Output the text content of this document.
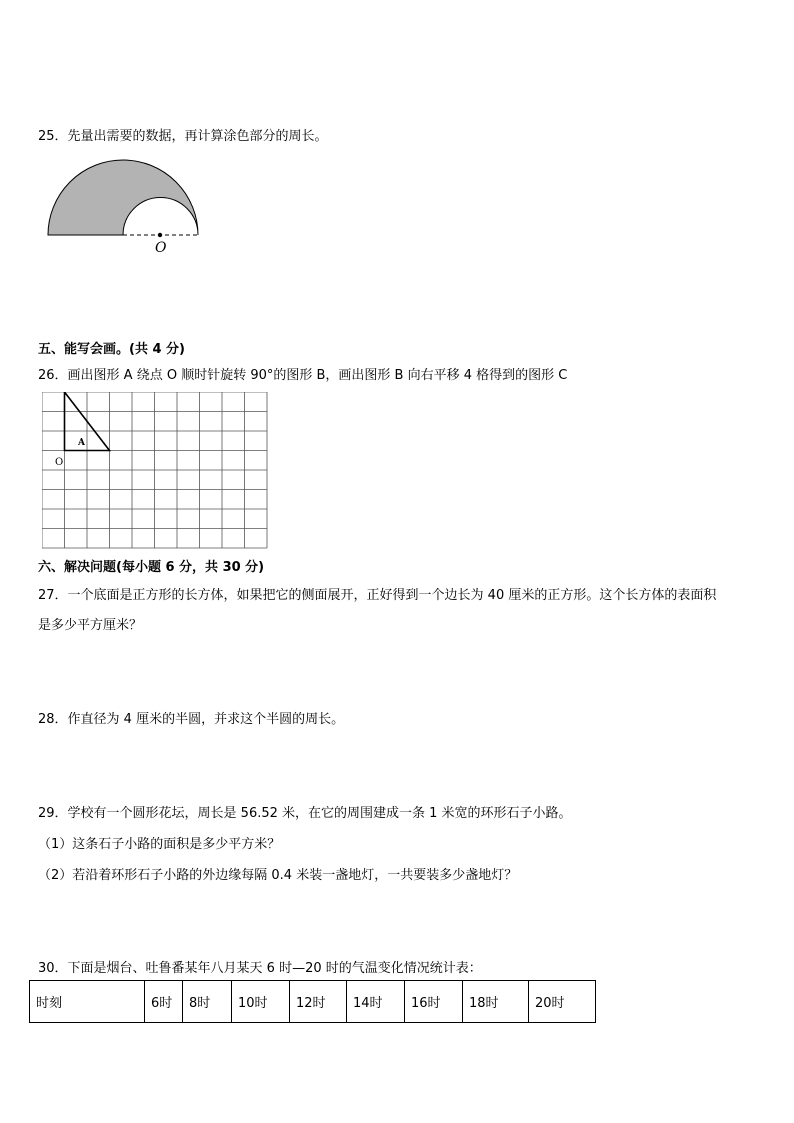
25．先量出需要的数据，再计算涂色部分的周长。
O
五、能写会画。(共 4 分)
26．画出图形 A 绕点 O 顺时针旋转 90°的图形 B，画出图形 B 向右平移 4 格得到的图形 C
A
O
六、解决问题(每小题 6 分，共 30 分)
27．一个底面是正方形的长方体，如果把它的侧面展开，正好得到一个边长为 40 厘米的正方形。这个长方体的表面积
是多少平方厘米？
28．作直径为 4 厘米的半圆，并求这个半圆的周长。
29．学校有一个圆形花坛，周长是 56.52 米，在它的周围建成一条 1 米宽的环形石子小路。
（1）这条石子小路的面积是多少平方米？
（2）若沿着环形石子小路的外边缘每隔 0.4 米装一盏地灯，一共要装多少盏地灯？
30．下面是烟台、吐鲁番某年八月某天 6 时—20 时的气温变化情况统计表：
时刻	6时	8时	10时	12时	14时	16时	18时	20时
